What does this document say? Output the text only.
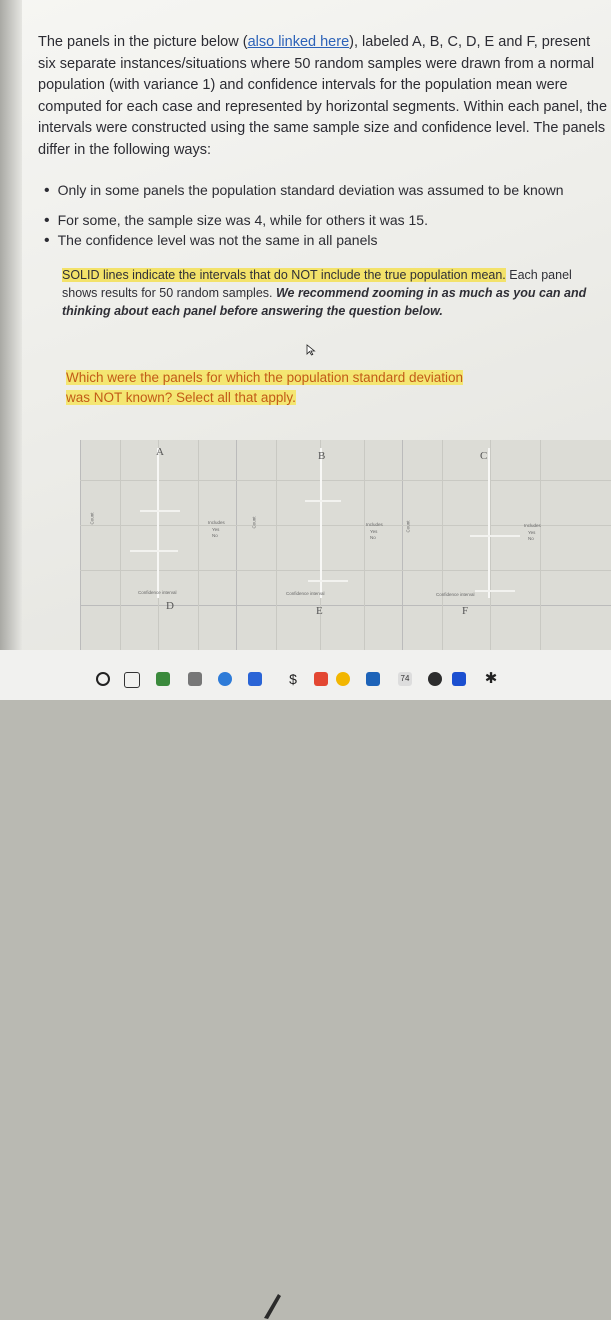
The panels in the picture below (also linked here), labeled A, B, C, D, E and F, present six separate instances/situations where 50 random samples were drawn from a normal population (with variance 1) and confidence intervals for the population mean were computed for each case and represented by horizontal segments. Within each panel, the intervals were constructed using the same sample size and confidence level. The panels differ in the following ways:
• Only in some panels the population standard deviation was assumed to be known
• For some, the sample size was 4, while for others it was 15.
• The confidence level was not the same in all panels
SOLID lines indicate the intervals that do NOT include the true population mean. Each panel shows results for 50 random samples. We recommend zooming in as much as you can and thinking about each panel before answering the question below.
Which were the panels for which the population standard deviation
was NOT known? Select all that apply.
A	B	C
D	E	F
Count	Count	Count
Confidence interval	Confidence interval	Confidence interval
Includes
Yes
No
Includes
Yes
No
Includes
Yes
No
$	74	✱
